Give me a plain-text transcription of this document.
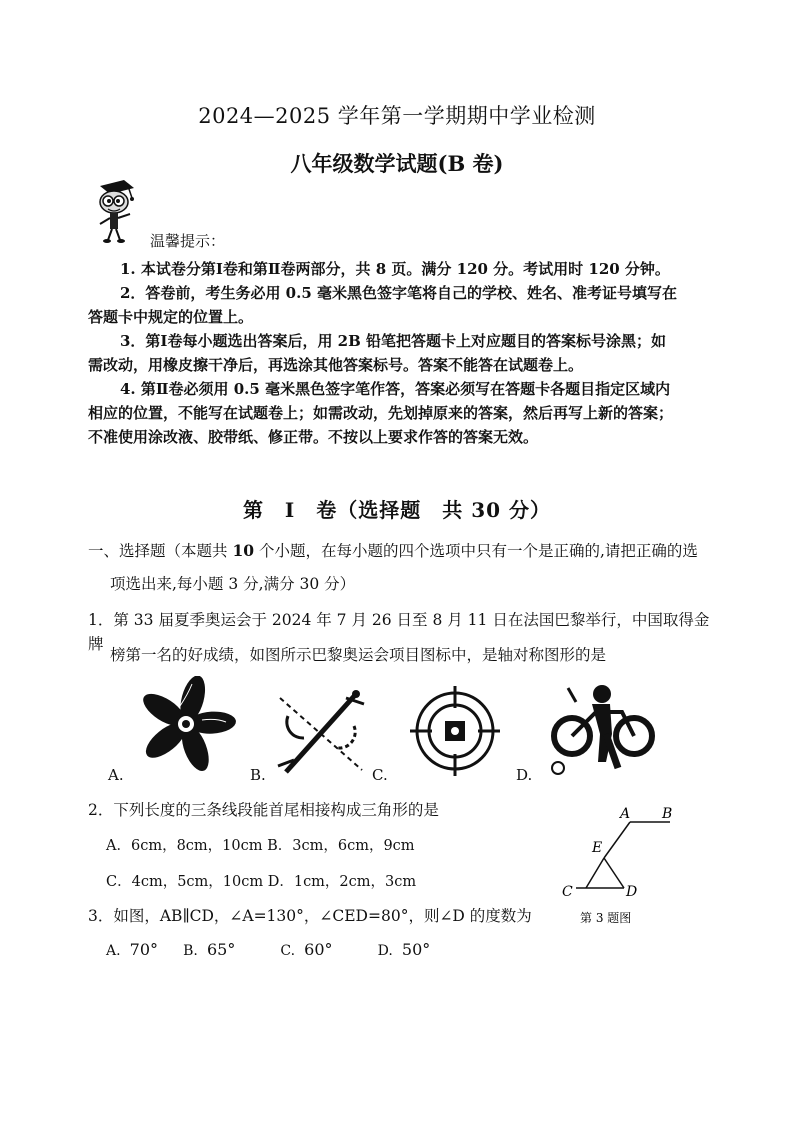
2024—2025 学年第一学期期中学业检测
八年级数学试题(B 卷)
温馨提示：
1. 本试卷分第Ⅰ卷和第Ⅱ卷两部分，共 8 页。满分 120 分。考试用时 120 分钟。
2．答卷前，考生务必用 0.5 毫米黑色签字笔将自己的学校、姓名、准考证号填写在
答题卡中规定的位置上。
3．第Ⅰ卷每小题选出答案后，用 2B 铅笔把答题卡上对应题目的答案标号涂黑；如
需改动，用橡皮擦干净后，再选涂其他答案标号。答案不能答在试题卷上。
4. 第Ⅱ卷必须用 0.5 毫米黑色签字笔作答，答案必须写在答题卡各题目指定区域内
相应的位置，不能写在试题卷上；如需改动，先划掉原来的答案，然后再写上新的答案；
不准使用涂改液、胶带纸、修正带。不按以上要求作答的答案无效。
第　Ⅰ　卷（选择题　共 30 分）
一、选择题（本题共 10 个小题，在每小题的四个选项中只有一个是正确的,请把正确的选
项选出来,每小题 3 分,满分 30 分）
1．第 33 届夏季奥运会于 2024 年 7 月 26 日至 8 月 11 日在法国巴黎举行，中国取得金牌
榜第一名的好成绩，如图所示巴黎奥运会项目图标中，是轴对称图形的是
A.	B.	C.	D.
2．下列长度的三条线段能首尾相接构成三角形的是
A．6cm，8cm，10cm B．3cm，6cm，9cm
C．4cm，5cm，10cm D．1cm，2cm，3cm
A B
E
C	D
第 3 题图
3．如图，AB∥CD，∠A=130°，∠CED=80°，则∠D 的度数为
A. 70° B. 65°	C. 60°	D. 50°
